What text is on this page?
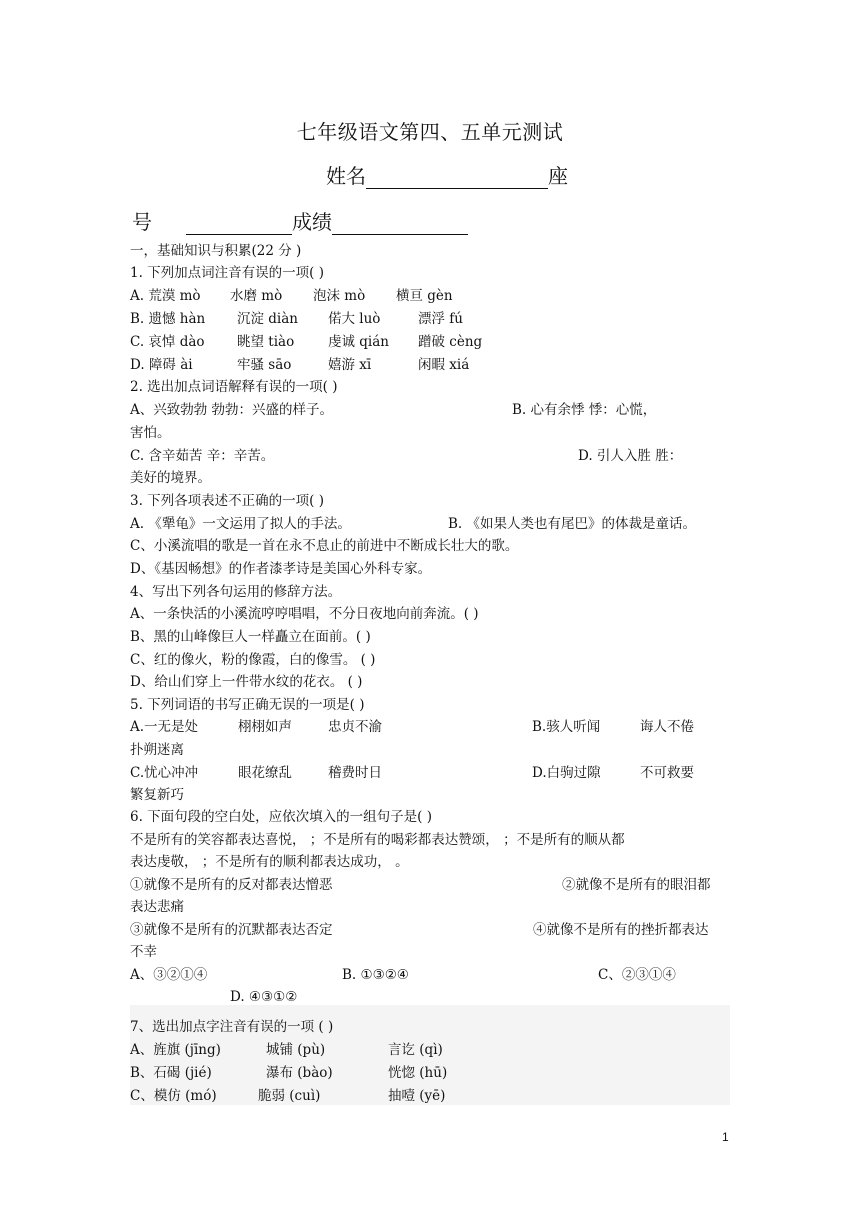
七年级语文第四、五单元测试
姓名	座
号	成绩
一，基础知识与积累(22 分 )
1. 下列加点词注音有误的一项( )
A. 荒漠 mò 水磨 mò 泡沫 mò 横亘 gèn
B. 遗憾 hàn 沉淀 diàn 偌大 luò	漂浮 fú
C. 哀悼 dào 眺望 tiào	虔诚 qián 蹭破 cèng
D. 障碍 ài	牢骚 sāo	嬉游 xī	闲暇 xiá
2. 选出加点词语解释有误的一项( )
A、兴致勃勃 勃勃：兴盛的样子。	B. 心有余悸 悸：心慌，
害怕。
C. 含辛茹苦 辛：辛苦。	D. 引人入胜 胜：
美好的境界。
3. 下列各项表述不正确的一项( )
A. 《犟龟》一文运用了拟人的手法。	B. 《如果人类也有尾巴》的体裁是童话。
C、小溪流唱的歌是一首在永不息止的前进中不断成长壮大的歌。
D、《基因畅想》的作者漆孝诗是美国心外科专家。
4、写出下列各句运用的修辞方法。
A、一条快活的小溪流哼哼唱唱，不分日夜地向前奔流。( )
B、黑的山峰像巨人一样矗立在面前。( )
C、红的像火，粉的像霞，白的像雪。 ( )
D、给山们穿上一件带水纹的花衣。 ( )
5. 下列词语的书写正确无误的一项是( )
A.一无是处	栩栩如声	忠贞不渝	B.骇人听闻	诲人不倦
扑朔迷离
C.忧心冲冲	眼花缭乱	稽费时日	D.白驹过隙	不可救要
繁复新巧
6. 下面句段的空白处，应依次填入的一组句子是( )
不是所有的笑容都表达喜悦， ；不是所有的喝彩都表达赞颂， ；不是所有的顺从都
表达虔敬， ；不是所有的顺利都表达成功， 。
①就像不是所有的反对都表达憎恶	②就像不是所有的眼泪都
表达悲痛
③就像不是所有的沉默都表达否定	④就像不是所有的挫折都表达
不幸
A、③②①④	B. ①③②④	C、②③①④
D. ④③①②
7、选出加点字注音有误的一项 ( )
A、旌旗 (jīng)	城铺 (pù)	言讫 (qì)
B、石碣 (jié)	瀑布 (bào)	恍惚 (hū)
C、模仿 (mó)	脆弱 (cuì)	抽噎 (yē)
1
